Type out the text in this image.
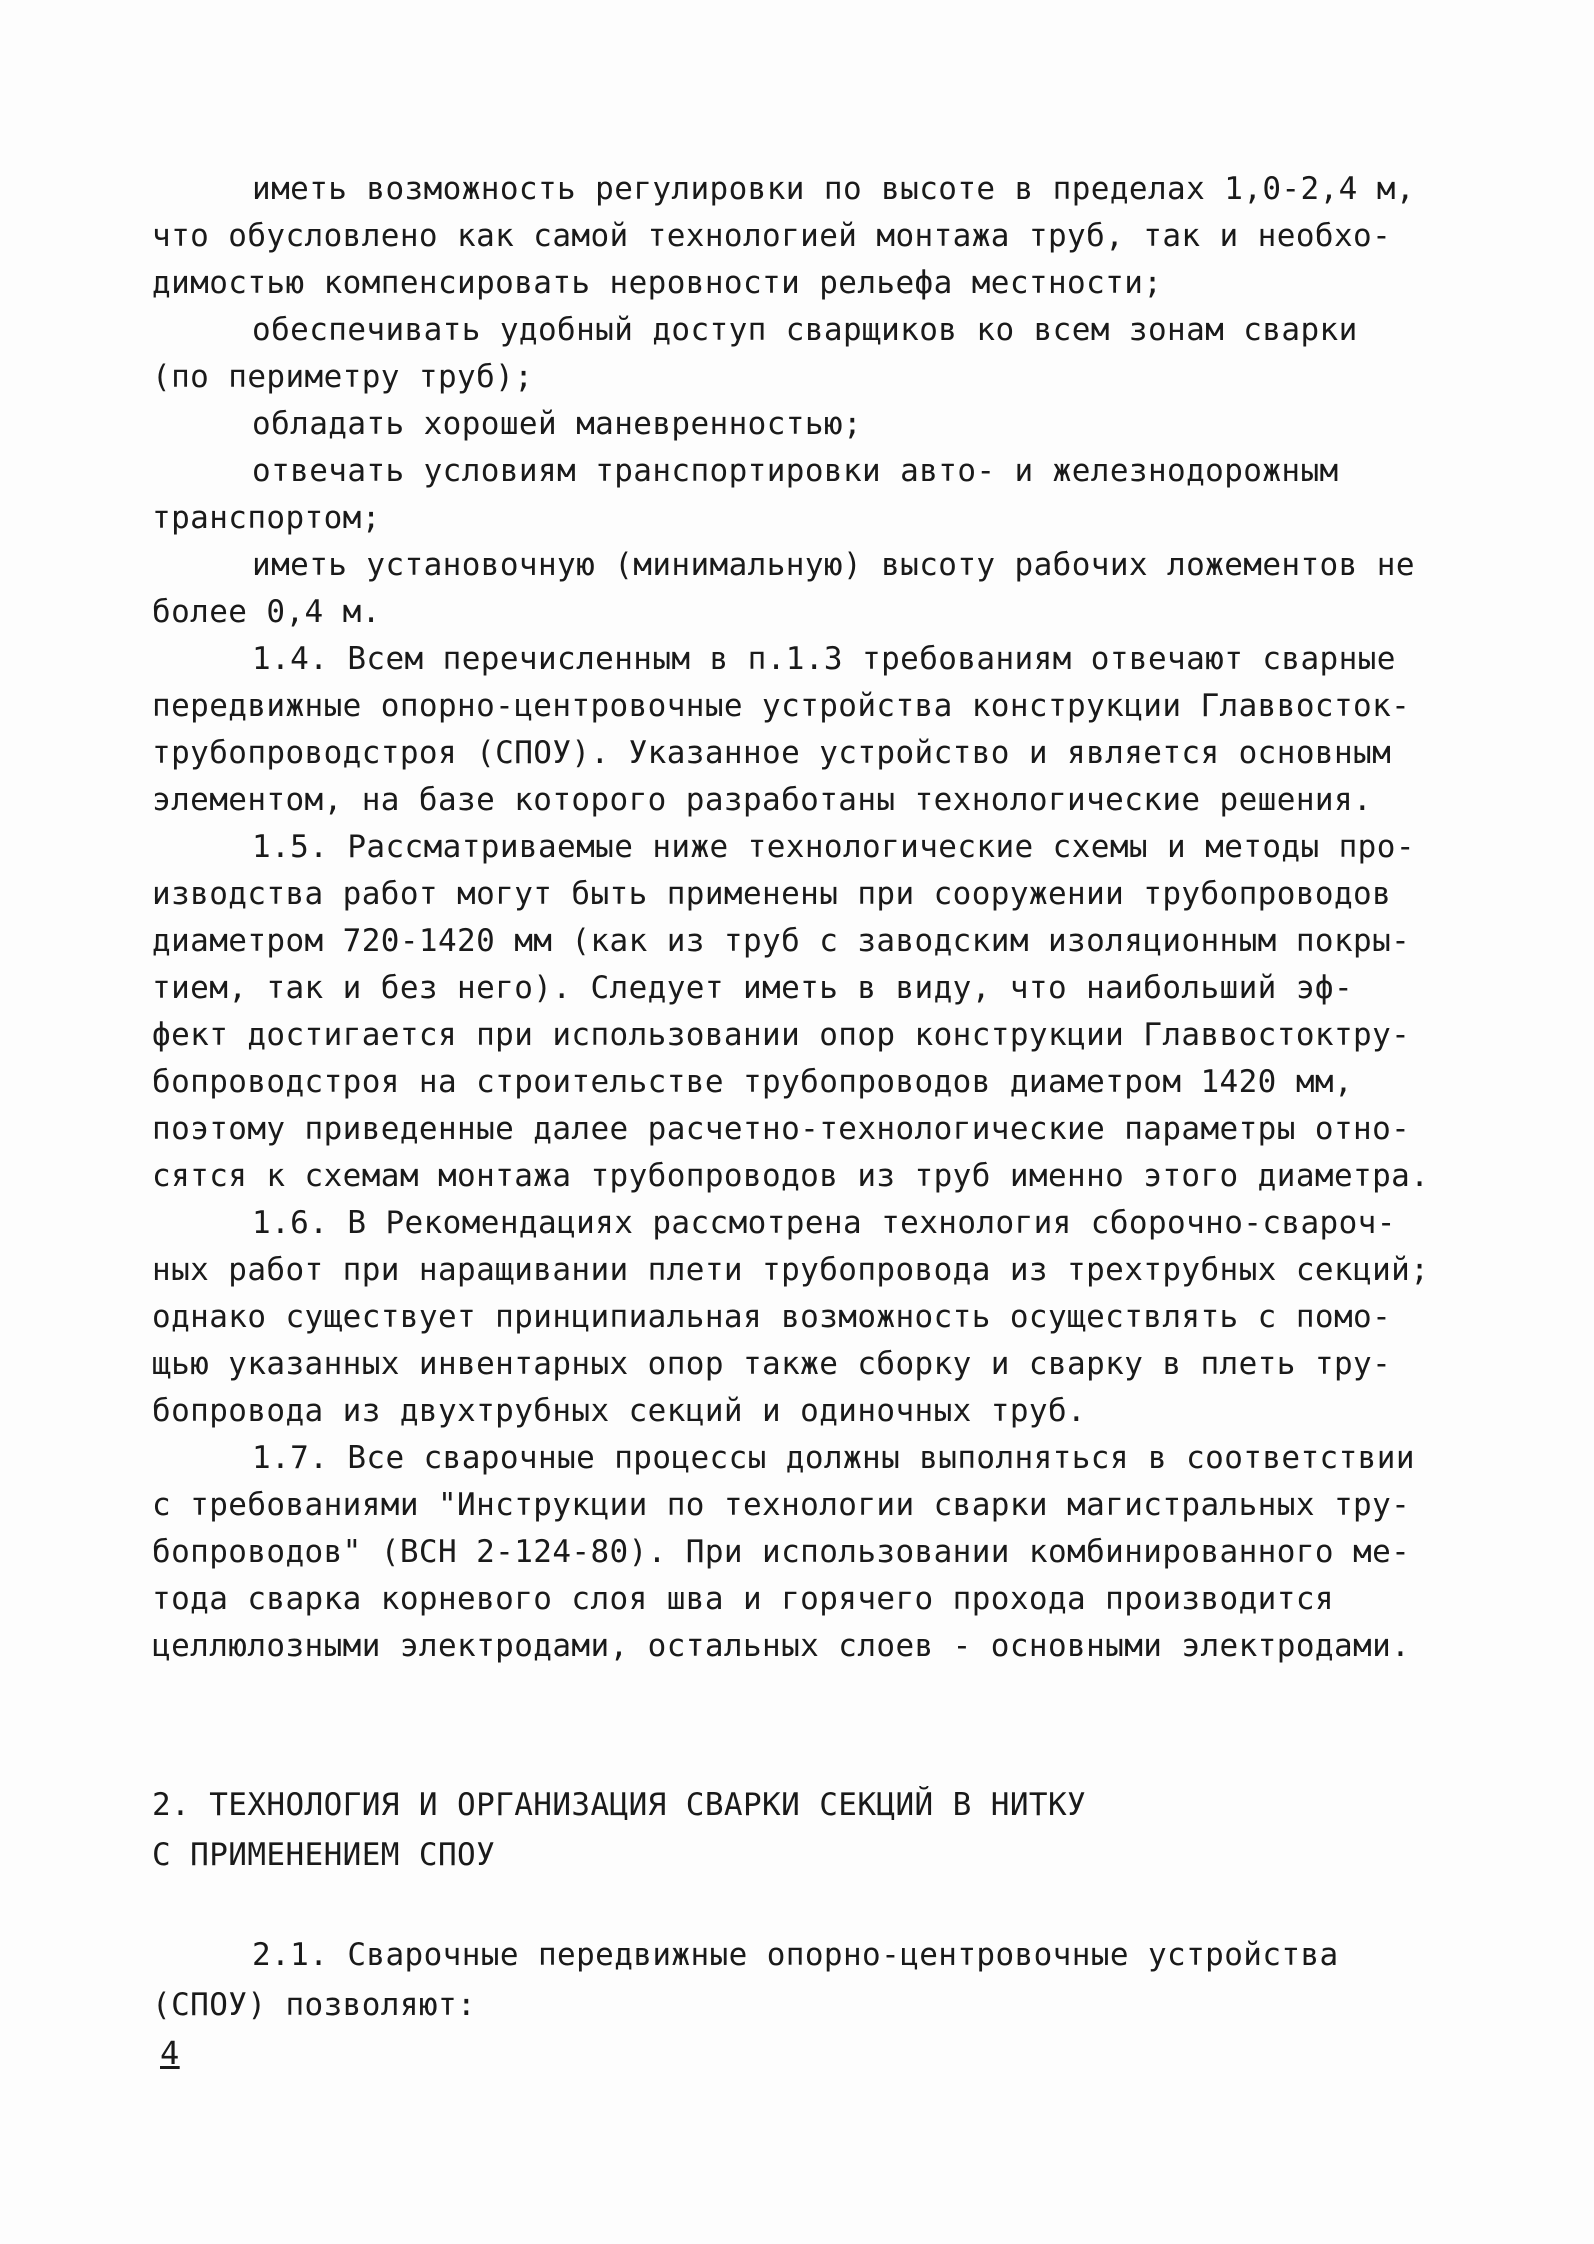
иметь возможность регулировки по высоте в пределах 1,0-2,4 м,
что обусловлено как самой технологией монтажа труб, так и необхо-
димостью компенсировать неровности рельефа местности;
обеспечивать удобный доступ сварщиков ко всем зонам сварки
(по периметру труб);
обладать хорошей маневренностью;
отвечать условиям транспортировки авто- и железнодорожным
транспортом;
иметь установочную (минимальную) высоту рабочих ложементов не
более 0,4 м.
1.4. Всем перечисленным в п.1.3 требованиям отвечают сварные
передвижные опорно-центровочные устройства конструкции Главвосток-
трубопроводстроя (СПОУ). Указанное устройство и является основным
элементом, на базе которого разработаны технологические решения.
1.5. Рассматриваемые ниже технологические схемы и методы про-
изводства работ могут быть применены при сооружении трубопроводов
диаметром 720-1420 мм (как из труб с заводским изоляционным покры-
тием, так и без него). Следует иметь в виду, что наибольший эф-
фект достигается при использовании опор конструкции Главвостоктру-
бопроводстроя на строительстве трубопроводов диаметром 1420 мм,
поэтому приведенные далее расчетно-технологические параметры отно-
сятся к схемам монтажа трубопроводов из труб именно этого диаметра.
1.6. В Рекомендациях рассмотрена технология сборочно-свароч-
ных работ при наращивании плети трубопровода из трехтрубных секций;
однако существует принципиальная возможность осуществлять с помо-
щью указанных инвентарных опор также сборку и сварку в плеть тру-
бопровода из двухтрубных секций и одиночных труб.
1.7. Все сварочные процессы должны выполняться в соответствии
с требованиями "Инструкции по технологии сварки магистральных тру-
бопроводов" (ВСН 2-124-80). При использовании комбинированного ме-
тода сварка корневого слоя шва и горячего прохода производится
целлюлозными электродами, остальных слоев - основными электродами.
2. ТЕХНОЛОГИЯ И ОРГАНИЗАЦИЯ СВАРКИ СЕКЦИЙ В НИТКУ
С ПРИМЕНЕНИЕМ СПОУ
2.1. Сварочные передвижные опорно-центровочные устройства
(СПОУ) позволяют:
4
